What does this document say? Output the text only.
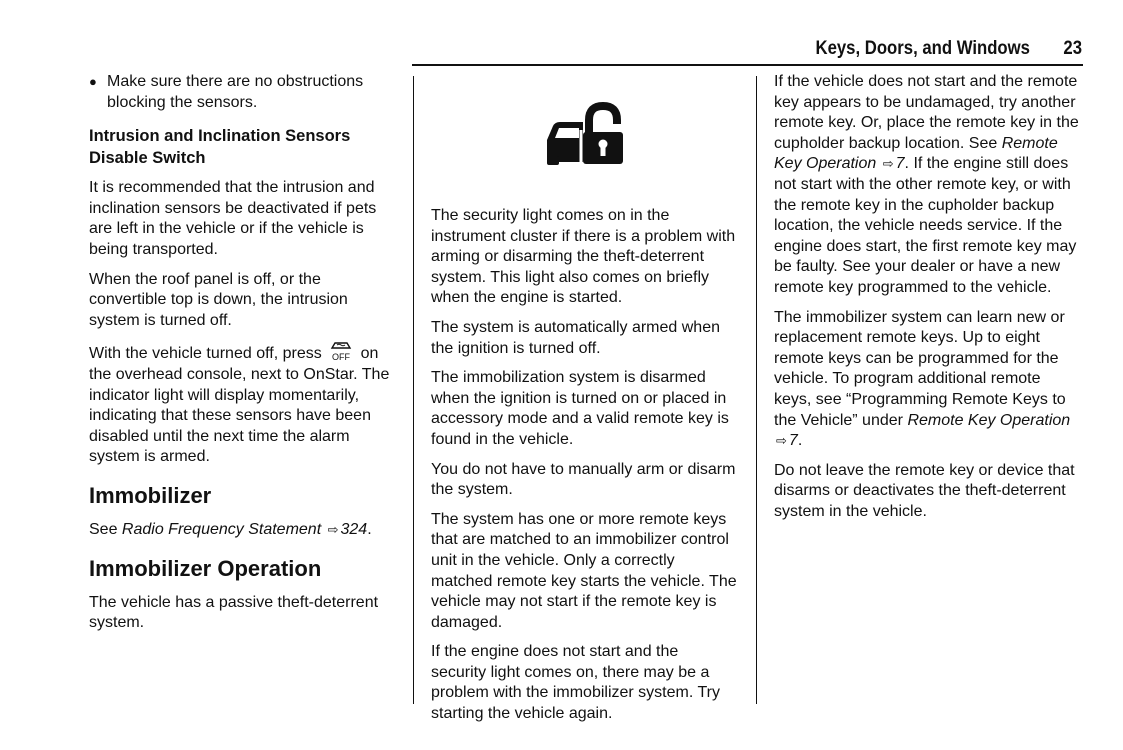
Keys, Doors, and Windows 23
● Make sure there are no obstructions blocking the sensors.
Intrusion and Inclination Sensors Disable Switch

It is recommended that the intrusion and inclination sensors be deactivated if pets are left in the vehicle or if the vehicle is being transported.

When the roof panel is off, or the convertible top is down, the intrusion system is turned off.

With the vehicle turned off, press OFF on the overhead console, next to OnStar. The indicator light will display momentarily, indicating that these sensors have been disabled until the next time the alarm system is armed.

Immobilizer

See Radio Frequency Statement ⇨ 324.

Immobilizer Operation

The vehicle has a passive theft-deterrent system.

The security light comes on in the instrument cluster if there is a problem with arming or disarming the theft-deterrent system. This light also comes on briefly when the engine is started.

The system is automatically armed when the ignition is turned off.

The immobilization system is disarmed when the ignition is turned on or placed in accessory mode and a valid remote key is found in the vehicle.

You do not have to manually arm or disarm the system.

The system has one or more remote keys that are matched to an immobilizer control unit in the vehicle. Only a correctly matched remote key starts the vehicle. The vehicle may not start if the remote key is damaged.

If the engine does not start and the security light comes on, there may be a problem with the immobilizer system. Try starting the vehicle again.

If the vehicle does not start and the remote key appears to be undamaged, try another remote key. Or, place the remote key in the cupholder backup location. See Remote Key Operation ⇨ 7. If the engine still does not start with the other remote key, or with the remote key in the cupholder backup location, the vehicle needs service. If the engine does start, the first remote key may be faulty. See your dealer or have a new remote key programmed to the vehicle.

The immobilizer system can learn new or replacement remote keys. Up to eight remote keys can be programmed for the vehicle. To program additional remote keys, see “Programming Remote Keys to the Vehicle” under Remote Key Operation ⇨ 7.

Do not leave the remote key or device that disarms or deactivates the theft-deterrent system in the vehicle.
